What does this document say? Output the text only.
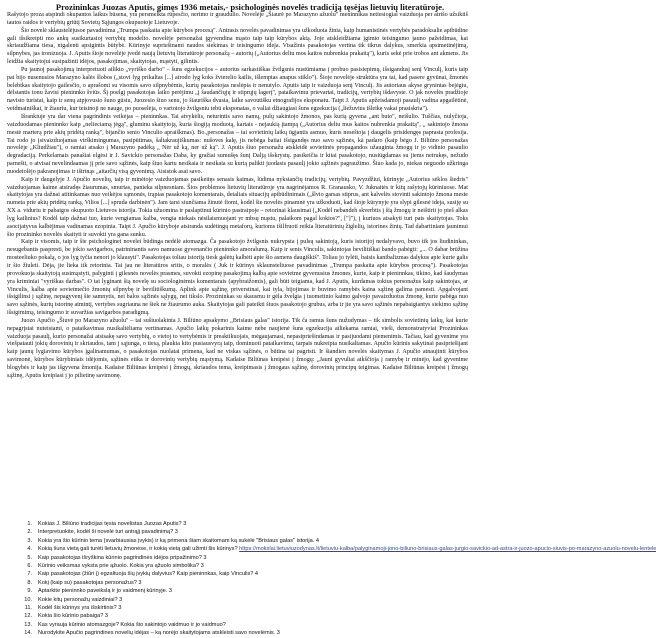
Prozininkas Juozas Aputis, gimęs 1936 metais,- psichologinės novelės tradiciją tęsėjas lietuvių literatūroje.

Rašytojo proza atspindi okupantos laikus būsena, yra persmelkta rūpesčio, nerimo ir graudulio. Novelėje „Šiaurė po Marazyno ažuolu" meninnikas netiesiogiai vaizduoja per atrišo užsikiiš tautos raidos ir vertybių griūtį Sovietų Sąjungos okupuotoje Lietuvoje.

Šio novelė sklaustelėjusoe pavadinima „Trumpa paskaita apie kūrybos procesą". Antrasis novelės pavadinimas yra užkoduota žinia, kaip humanistinės vertybės paradoksalie apibūdine gali išsikreipti mo ankų susikurtasioj vertybių modelio. novelėje personažai įgyvendina mąsto taip taip kūrybos aktą. Joje atskleidžiama įgimto teisingumo jauno pažeidimas, kai skriaudžiama tiesa, nigalenti apsigintis būtybė. Kūrinyje supriešinami naudos siekimas ir teisingumo ideja. Visažinis pasakotojas vertina tik tikrus dalykus, smerkia apsimetinėjimą, silpnybes, jas ironizuoja. J. Aputis šioje novelėje įvedė naują lietuvių literatūroje personažą – autorių („Autorius deltu mos kaitos nubrenkia prakaitą"), kuris sekė prie trobos ant akmens. Jis leidžia skaitytojui susipažinti idėjos, pasakojimas, skaitytojas, mąstyti, gilintis.

Pu jaunoj pasakojimą interpretuoti atlikto „vyriško darbo" – šuns egzekucijos – autorius sarkastiškas žvilgsnis nustūmiama į probuo pasisiepimų, išsigandusį senį Vinculį, kuris taip pat bijo nusenusios Marazyno kalės šlobos („stovi lyg prikaltas [...] atrodo lyg koks žvierelio kailis, išlemptas anapus stiklo"). Šioje novelėje struktūra yra tai, kad pasere gyvūnai, žmonės belebtkas skaitytojo gailesčio, o aprašomi su visomis savo silpnybėmis, kurių pasakotojas neslėpia ir nenutylo. Aputis taip ir vaizduoja senį Vinculį. Jis autoriaus akyse grynintas bejėgiu, dėlstantis tonu žavisi pieninnko šviūs. Šį poelgį pasakotojas laiko perėjimu „į šaudančiųjų ir stiprųjų lagerį", pataikavimu prievartai, tradicijų, vertybių išdavyste. O jak novelės pradžioje navisto turistai, kaip ir senų atpjovusio šuno gūsiu, Juozesio šiuo senu, jo šiauriška dvasia, laike savoutišku etnografijos eksponatu. Taipt J. Aputis apžeisdamoji pasaulį vadina apgailėtinė, veidmainiškai, ir žiauriu, kur teisinoji ne nauge, po puoselėja, o vartotojo žvilgsniu tebū eksponatas, o valiai džiaugiasi šuns egzekucija („liežuvius išleikę vakai prasiskria").

Išrankiuje yra dar viena pagrindinis veikėjas – pieninnkas. Tai atvykėlis, neturintis savo namų, pulų sakintojo žmonos, pas kurią gyvena „ant buto", neišulio. Tuščias, nulyčioja, vaizduodamas pieninnko kaip „nelieciamą jėgą", gluminu skaitytoją, kuria šiogiją moduotą, kartais - nejaukią įtampą („Autorius deltu mus kaitos nubrenkia prakaitą", „ sakintojo žmona mestė marterą prie akių pridėtą ranką", bijančio senio Vinculio apraiškmas). Bo.,personažas – tai sovietinių laikų ūgjantis asmuo, kuris neseštoja į daugelis prisidengęs paprasta profesija. Tai rodo jo įsivaizduojamas virškimingumas, pasipūtimas, šaltakraujiškumas: nušoves kalę, jis nebēga baiiai išsigandęs nuo savo sąžinės, kā padaro (kaip bėgo J. Biliūno personažas novelėje „Kliudžiau"), o ramiai atsako į Marazyno padėką „ Nėr už ką, ner už ką". J. Aputis šiuo personažu atskleidė sovietinės propagandos užauginta žmogų ir jo vidinio pasaulio degradaciją. Perkelamais panašiai elgėsi ir J. Savickio personažas Daba, ky gražiai sumušęs šunį Dalją išskrystų. pasikeičia ir kitai pasakotojo, nusiūgdamas su jiems netrukęs, nežudo parnešti, o atvisai nevelindaamas jį prie savo sąžinės, kaip šiuo kartu nesikaia ir nesikaia su kurią palikti juodasis pasaulį jokio sąžinės pagraužimo. Šiuo kada jo, niekas neguodo užkringa nuodeiolėjo pakranojimas ir ištrinąs „aitarčių visą gyvenimą. Aisistok asai savo.

Kaip ir daugelyje J. Apučio novelių, taip ir minėtoje vaizduojamas pasikeitęs senasis kaimas, lūdima nykstančių tradicijų, vertybių. Pavyzdžiui, kūrinyje „Autorius sėklos šiedris" vaizduojamas kaime atsiradęs žiaurumas, smurtas, panieka silpnesniam. Šios problemos lietuvių literatūroje yra nagrinėjamos R. Granausko, V. Juknaitės ir kitų rašytojų kūriniuose. Mat skaitytojas yra dažnai atitinkamas nuo veikėjos sąmonės, trąpias pasakotojo komentarais, detaliais situacijų apibūdinimais („šlvio garsas stiprus, ant kalvelės stovinti sakintojo žmona meste numeta prie akių pridėtą ranką, Vilios [...] spruda darbinėn"). Jam tarsi siunčiama žinutė fiomi, kodėl šie novelės pinamnė yra užkoduoti, kad šioje kūrynyje yra slypi gilesnė ideja, susiję su XX a. viduriu ir pabaigos okupuoto Lietuvos istorija. Tokia užuomina ir paslaptinui kūrinio pastraipoje – retorinai klausimai („Kodėl nebandeh skverbtis į šią žmogų ir neištirti jo pieš alkas lyg kailinius? Kodėl taip dažnai tuo, kurie vengiamas kalba, vengia niekais nėsilaismuojant yr mbsų mąstu, palaikom pagal kokios?", ["]"), į kuriuos atsakyti turi pats skaitytojas. Toks asocijatyvus kalbėjimas vadinamas ezopinia. Taipt J. Apučio kūryboje atsiranda sudėtingų metaforų, kurioms išilfruoti reikia literatūrinių žiglelių, istorines žinių. Tad dabartiniam jaunimui šio prozininko novelės skaityti ir suvokti yra gana sunku.

Kaip ir visomis, taip ir šie psichologinei novelei būdinga nedėlė atomazga. Ča pasakotojo žvilgsnis nukrypsta į pulsų sakintoją, kuris istorijoj nedalyvavo, buvo tik jos liudininkas, nesugebantis paspresti, be jokio savigarbos, patrininantis savo namuose gyvenančio pieninnko amoralumą. Kaip ir senis Vinculis, sakintojas bevilitiškai bando pabėgti: „... O dabar brūžina mosteeliuko pokalą, o jos lyg tyčia nenori jo klausyti". Pasakotojas toliau istoriją tiesk galėtų kalbėti apie šio asmens daugiškiš". Toliau jo tylėti, baisis kanibalizmas dalykus apie kurie galis ir šio žiuleti. Dėja, jie lieka tik retorinia. Tai jau ne literatūros sritis, o moralės ( Juk ir kūrinys sklaunsteliuose pavadinimas „Trumpa paskaita apie kūrybos procesą"). Pasakotojas provokuoja skaitytoją susimąstyti, palyginti į gilesnės novelės prasmes, suvokti ezopinę pasakojimą kalbą apie sovietme gyvenusius žmones, kurie, kaip ir pieninnkas, tikino, kad šaudymas yra kriminiai "vyriškas darbas". O tai lyginant šią novelę su sociologinėmis komentarais (apybraižomis), gali būti teigiama, kad J. Aputis, kurdamas tokius personažus kaip sakintojas, ar Vinculis, kalba apie sovietmečio žmonių silpnybę ir bevilitiškumą. Aplink apie sąžinę, priverstinai, kai tyla, bijojimas ir buvimo ramybės kaina sąžinę galima pamesti. Apgalvojant išsigilinsi į sąžinę, nepagyvenį šie samnytis, nei balos sąžinės sąlygų, nei tikslo. Prozininkas su skausmu ir gėla žvelgia į tuometinio kaimo galvojo pavaizduotus žmonę, kurie pabėga nuo savo sąžinės, kurių istorinę atmintį, vertybes sugriauna ne šiek ne žiaurumo auka. Skaitytojas gali pateikti šiuos pasakotojo grubus, arba ir jie yra savo sąžinės nepabaigiantys siekimo sąžinę išsigimimą, teisingumo ir suvaržias savigarbos paradigmą.

Juozo Apučio „Šiuvė po Marazyno ažuolu" – tai sušiuolakinta J. Biliūno apsakymo „Brisiaus galas" istorija. Tik ča ramus šuns nužudymas – tik simbolis sovietinių laikų, kai kurie nepagrįstai nuteisiami, o pataikavimas nusikaltėliams vertinamas. Apučio laikų pokarinis kaime nebe naujienė šuns egzekucija atliekama ramiai, vieši, demonstratyviai Prozininkas vaizduoja pasaulį, kurio personažai atsisakę savo vertybių, o vietoj to vertybėmis ir preaktikuojais, mėgaujamasi, nepasipriešindamas ir pasijuodami piemenimis. Tačiau, kad gyvenime yra viešpatauti jokių dorovinių ir skriaudos, tam j sąjunga, o tiesą, plaukia kito pusiausvyrą taip, dominuoti pataikavimu, tarpais nukreipta nusikaltamas. Apučio kūrinis sakytinai pasipriešijant kaip jaunų lygiavimo kūrybos įgalinamumas, o pasakotojas nuolatai primena, kad ne viskas sąžinės, o būtina tai pagristi. Ir šiandien novelės skaitymas J. Apučio atnaujinti kūrybos savimonė, kūrybos kūrybiniais idėjomis, sąžinės etika ir dorovinių vertybių mąstymą. Kadaise Biliūnas kreipėsi į žmogų: „Jauni gyvuliai aikščioja į ramybę ir minėjo, kad gyvenime blogybės ir kaip jas išgyvena žmonija. Kadaise Biliūnas kreipėsi į žmogų, skriaudos tema, kreipimasis į žmogaus sąžinę, dorovinių principų teigimas. Kadaise Biliūnas kreipėsi į žmogų sąžinę, Aputis kreipiasi į jo pilietinę savimonę.

1. Kokias J. Biliūno tradicijas tęsia novelistas Juozas Aputis? 3
2. Interpretuokite, kodėl ši novelė turi antrąjį pavadinimą? 3
3. Kokia yra šio kūrinio tema (svarbiausias įvykis) ir ką primena šiam skaitomam ką sukėlė "Brisiaus galas" istorija. 4
4. Kokią šuns vietą gali turėti lietuvių žmonėse, ir kokią vietą gali užimti šis kūrinys? https://mokslai.lietuviuzodynas.lt/lietuviu-kalba/palyginamoji-jono-biliuno-brisiaus-galas-jurgio-savickio-ad-astra-ir-juozo-apucio-siuvis-po-marazyno-azuolu-novelu-lentele
5. Kaip pasakotojas išryškina kūrinio pagrindinės idėjos pripažinimo? 3
6. Kūrinio veiksmas vyksta prie ąžuolo. Kokia yra ąžuolo simbolika? 3
7. Kaip pasakotojas (žiūri į) egzaltuoja šių įvykių dalyvius? Kaip pieninnkas, kaip Vinculis? 4
8. Kokį (kaip su) pasakotojas personažus? 3
9. Aptarkite pieninnko paveikslą ir jo vaidmenį kūrinyje. 3
10. Kokie kitų personažų vaizdiniai? 3
11. Kodėl šis kūrinys yra išskirtinis? 3
12. Kokia šio kūrinio pabaiga? 3
13. Kas vyrauja kūrinio atomazgoje? Kokia šio sakintojo vaidmuo ir jo vaidmuo?
14. Nurodykite Apučio pagrindines novelių idėjas – ką norėjo skaitytojams atskleisti savo novelėmis. 3
